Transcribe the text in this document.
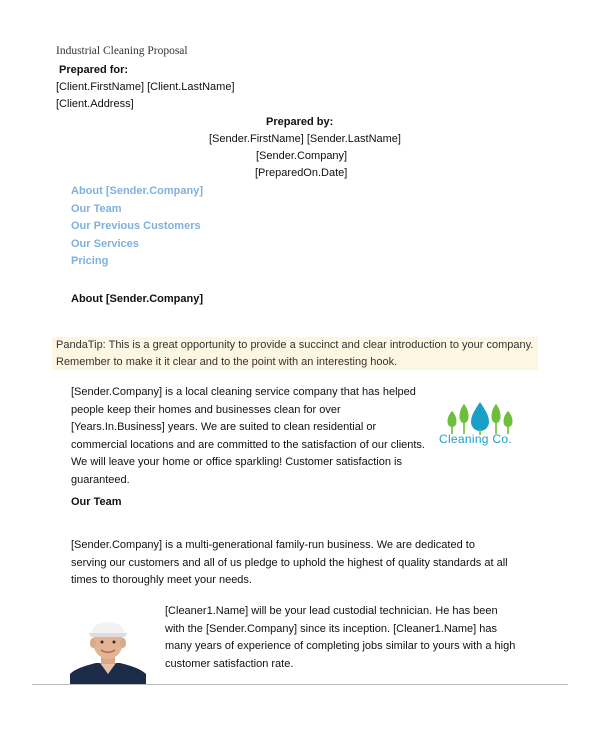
Industrial Cleaning Proposal
Prepared for:
[Client.FirstName] [Client.LastName]
[Client.Address]
Prepared by:
[Sender.FirstName] [Sender.LastName]
[Sender.Company]
[PreparedOn.Date]
About [Sender.Company]
Our Team
Our Previous Customers
Our Services
Pricing
About [Sender.Company]
PandaTip: This is a great opportunity to provide a succinct and clear introduction to your company.
Remember to make it it clear and to the point with an interesting hook.
[Sender.Company] is a local cleaning service company that has helped people keep their homes and businesses clean for over [Years.In.Business] years. We are suited to clean residential or commercial locations and are committed to the satisfaction of our clients. We will leave your home or office sparkling! Customer satisfaction is guaranteed.
Cleaning Co.
Our Team
[Sender.Company] is a multi-generational family-run business. We are dedicated to serving our customers and all of us pledge to uphold the highest of quality standards at all times to thoroughly meet your needs.
[Cleaner1.Name] will be your lead custodial technician. He has been with the [Sender.Company] since its inception. [Cleaner1.Name] has many years of experience of completing jobs similar to yours with a high customer satisfaction rate.
